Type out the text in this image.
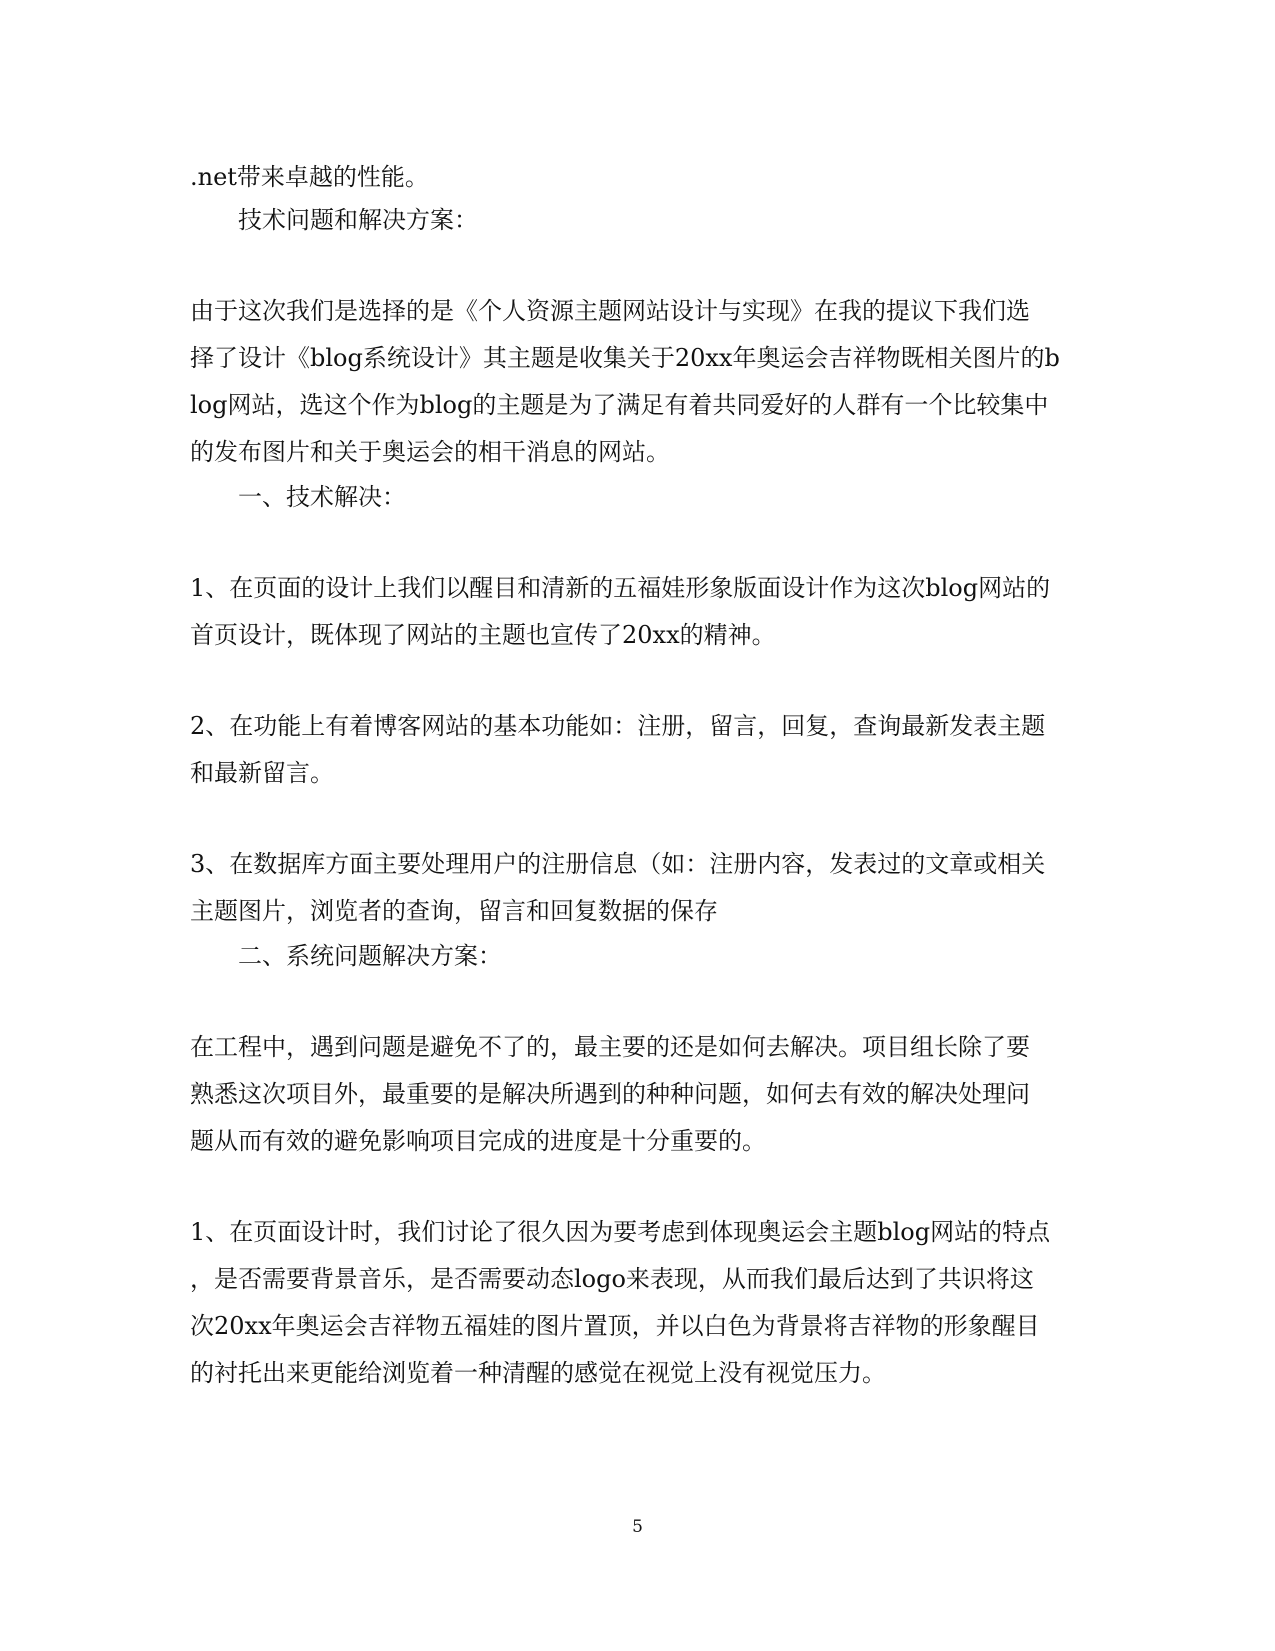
.net带来卓越的性能。
技术问题和解决方案：
由于这次我们是选择的是《个人资源主题网站设计与实现》在我的提议下我们选
择了设计《blog系统设计》其主题是收集关于20xx年奥运会吉祥物既相关图片的b
log网站，选这个作为blog的主题是为了满足有着共同爱好的人群有一个比较集中
的发布图片和关于奥运会的相干消息的网站。
一、技术解决：
1、在页面的设计上我们以醒目和清新的五福娃形象版面设计作为这次blog网站的
首页设计，既体现了网站的主题也宣传了20xx的精神。
2、在功能上有着博客网站的基本功能如：注册，留言，回复，查询最新发表主题
和最新留言。
3、在数据库方面主要处理用户的注册信息（如：注册内容，发表过的文章或相关
主题图片，浏览者的查询，留言和回复数据的保存
二、系统问题解决方案：
在工程中，遇到问题是避免不了的，最主要的还是如何去解决。项目组长除了要
熟悉这次项目外，最重要的是解决所遇到的种种问题，如何去有效的解决处理问
题从而有效的避免影响项目完成的进度是十分重要的。
1、在页面设计时，我们讨论了很久因为要考虑到体现奥运会主题blog网站的特点
，是否需要背景音乐，是否需要动态logo来表现，从而我们最后达到了共识将这
次20xx年奥运会吉祥物五福娃的图片置顶，并以白色为背景将吉祥物的形象醒目
的衬托出来更能给浏览着一种清醒的感觉在视觉上没有视觉压力。
5
